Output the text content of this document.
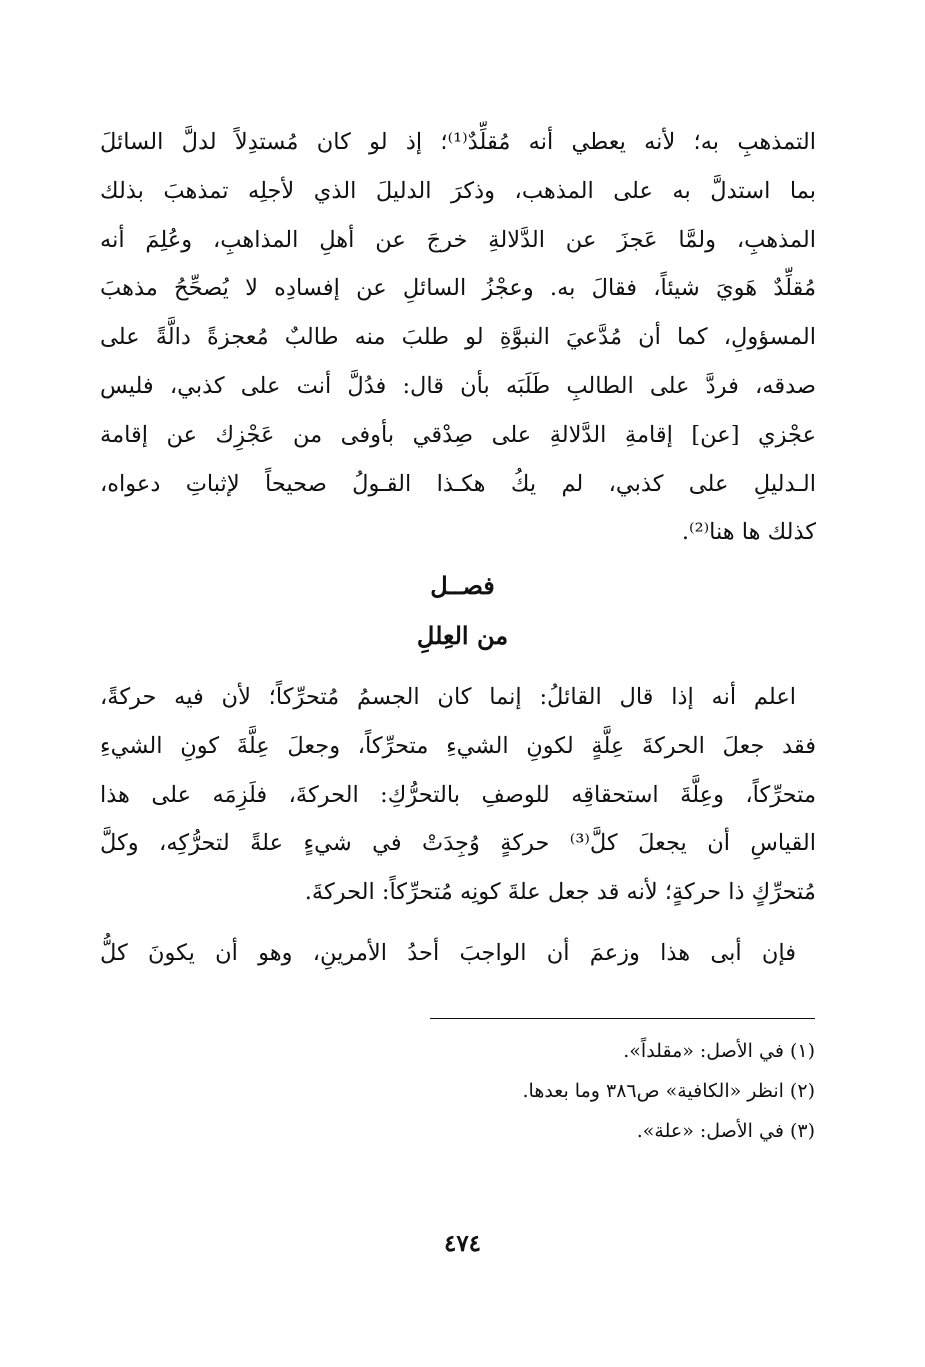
التمذهبِ به؛ لأنه يعطي أنه مُقلِّدٌ⁽¹⁾؛ إذ لو كان مُستدِلاً لدلَّ السائلَ
بما استدلَّ به على المذهب، وذكرَ الدليلَ الذي لأجلِه تمذهبَ بذلك
المذهبِ، ولمَّا عَجزَ عن الدَّلالةِ خرجَ عن أهلِ المذاهبِ، وعُلِمَ أنه
مُقلِّدٌ هَويَ شيئاً، فقالَ به. وعجْزُ السائلِ عن إفسادِه لا يُصحِّحُ مذهبَ
المسؤولِ، كما أن مُدَّعيَ النبوَّةِ لو طلبَ منه طالبٌ مُعجزةً دالَّةً على
صدقه، فردَّ على الطالبِ طَلَبَه بأن قال: فدُلَّ أنت على كذبي، فليس
عجْزي [عن] إقامةِ الدَّلالةِ على صِدْقي بأوفى من عَجْزِك عن إقامة
الـدليلِ على كذبي، لم يكُ هكـذا القـولُ صحيحاً لإثباتِ دعواه،
كذلك ها هنا⁽²⁾.
فصــل
من العِللِ
اعلم أنه إذا قال القائلُ: إنما كان الجسمُ مُتحرِّكاً؛ لأن فيه حركةً،
فقد جعلَ الحركةَ عِلَّةٍ لكونِ الشيءِ متحرِّكاً، وجعلَ عِلَّةَ كونِ الشيءِ
متحرِّكاً، وعِلَّةَ استحقاقِه للوصفِ بالتحرُّكِ: الحركةَ، فلَزِمَه على هذا
القياسِ أن يجعلَ كلَّ⁽³⁾ حركةٍ وُجِدَتْ في شيءٍ علةً لتحرُّكِه، وكلَّ
مُتحرِّكٍ ذا حركةٍ؛ لأنه قد جعل علةَ كونِه مُتحرِّكاً: الحركةَ.
فإن أبى هذا وزعمَ أن الواجبَ أحدُ الأمرينِ، وهو أن يكونَ كلُّ
(١) في الأصل: «مقلداً».
(٢) انظر «الكافية» ص٣٨٦ وما بعدها.
(٣) في الأصل: «علة».
٤٧٤
